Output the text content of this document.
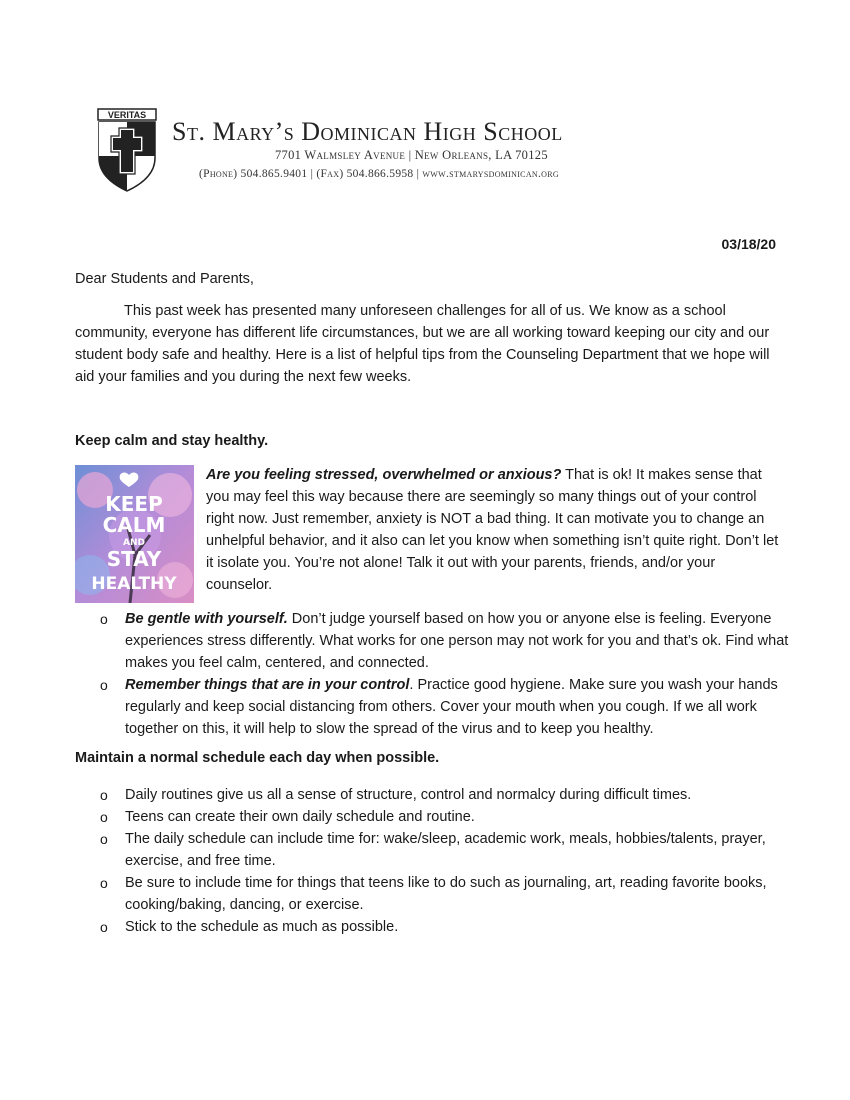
VERITAS
St. Mary’s Dominican High School
7701 Walmsley Avenue | New Orleans, LA 70125
(Phone) 504.865.9401 | (Fax) 504.866.5958 | www.stmarysdominican.org
03/18/20
Dear Students and Parents,
This past week has presented many unforeseen challenges for all of us. We know as a school community, everyone has different life circumstances, but we are all working toward keeping our city and our student body safe and healthy. Here is a list of helpful tips from the Counseling Department that we hope will aid your families and you during the next few weeks.
Keep calm and stay healthy.
KEEP
CALM
AND
STAY
HEALTHY
Are you feeling stressed, overwhelmed or anxious? That is ok! It makes sense that you may feel this way because there are seemingly so many things out of your control right now. Just remember, anxiety is NOT a bad thing. It can motivate you to change an unhelpful behavior, and it also can let you know when something isn’t quite right. Don’t let it isolate you. You’re not alone! Talk it out with your parents, friends, and/or your counselor.
o Be gentle with yourself. Don’t judge yourself based on how you or anyone else is feeling. Everyone experiences stress differently. What works for one person may not work for you and that’s ok. Find what makes you feel calm, centered, and connected.
o Remember things that are in your control. Practice good hygiene. Make sure you wash your hands regularly and keep social distancing from others. Cover your mouth when you cough. If we all work together on this, it will help to slow the spread of the virus and to keep you healthy.
Maintain a normal schedule each day when possible.
o Daily routines give us all a sense of structure, control and normalcy during difficult times.
o Teens can create their own daily schedule and routine.
o The daily schedule can include time for: wake/sleep, academic work, meals, hobbies/talents, prayer, exercise, and free time.
o Be sure to include time for things that teens like to do such as journaling, art, reading favorite books, cooking/baking, dancing, or exercise.
o Stick to the schedule as much as possible.
